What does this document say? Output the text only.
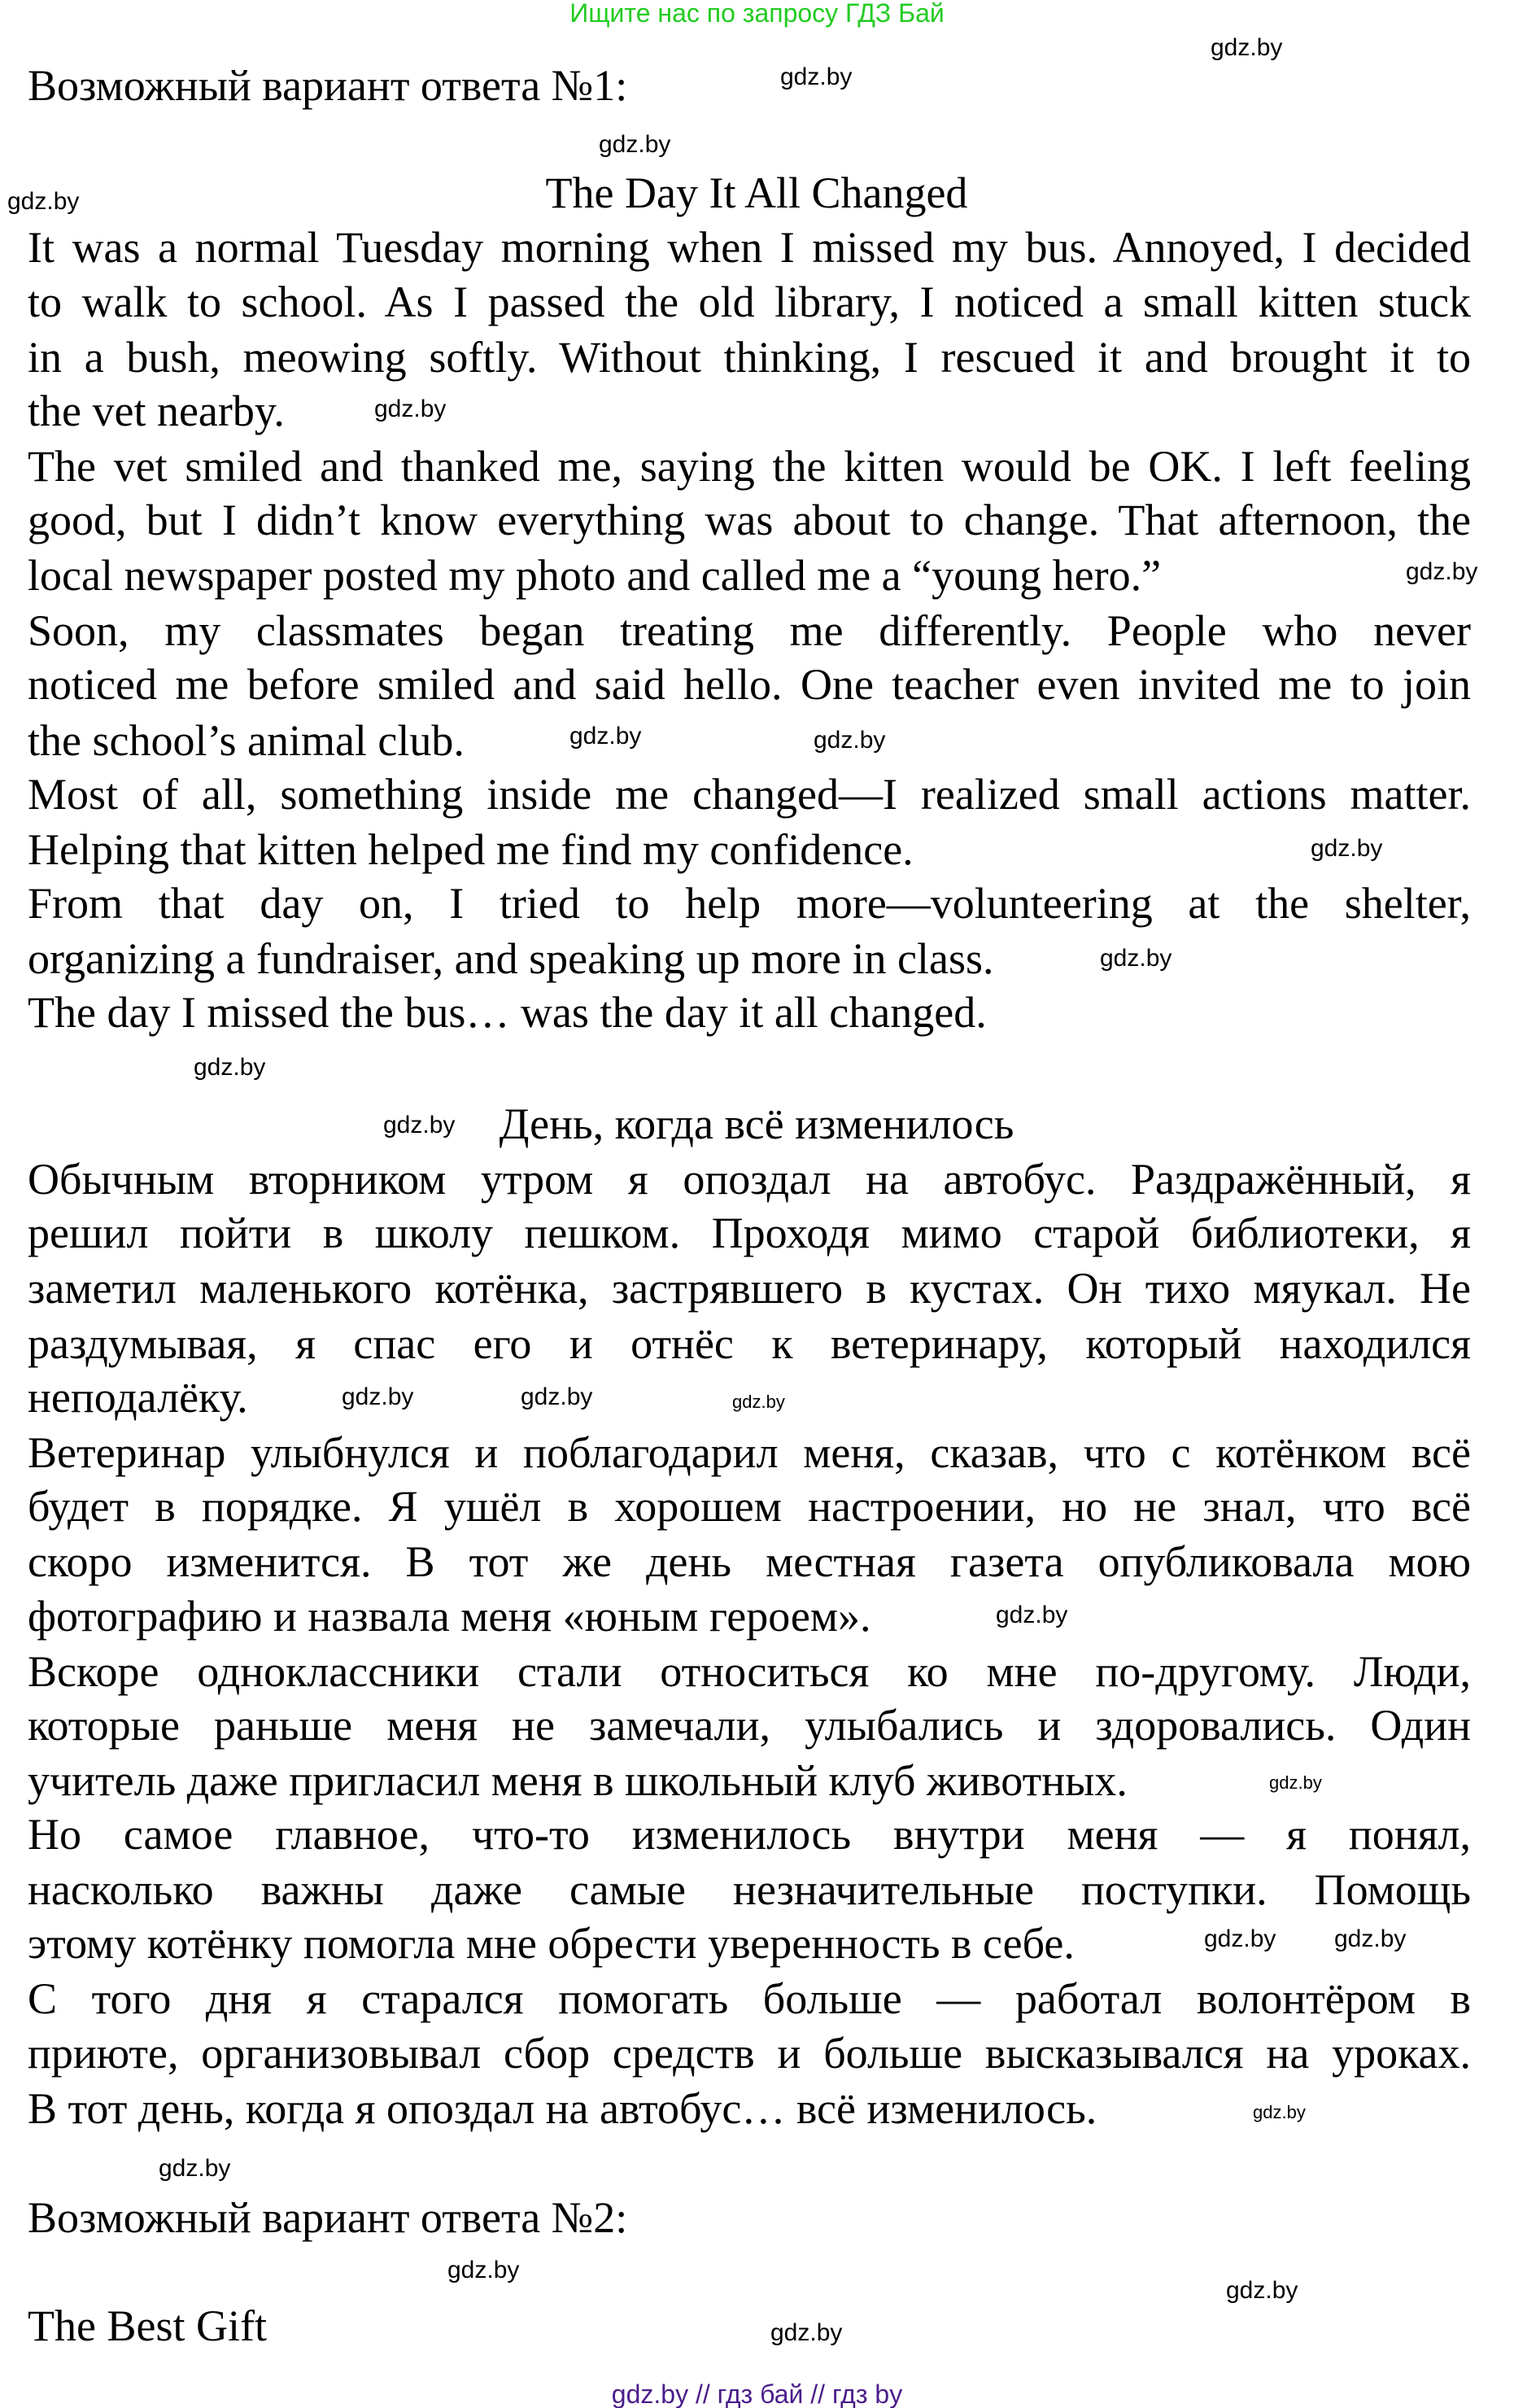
Ищите нас по запросу ГДЗ Бай
Возможный вариант ответа №1:
The Day It All Changed
It was a normal Tuesday morning when I missed my bus. Annoyed, I decided
to walk to school. As I passed the old library, I noticed a small kitten stuck
in a bush, meowing softly. Without thinking, I rescued it and brought it to
the vet nearby.
The vet smiled and thanked me, saying the kitten would be OK. I left feeling
good, but I didn’t know everything was about to change. That afternoon, the
local newspaper posted my photo and called me a “young hero.”
Soon, my classmates began treating me differently. People who never
noticed me before smiled and said hello. One teacher even invited me to join
the school’s animal club.
Most of all, something inside me changed—I realized small actions matter.
Helping that kitten helped me find my confidence.
From that day on, I tried to help more—volunteering at the shelter,
organizing a fundraiser, and speaking up more in class.
The day I missed the bus… was the day it all changed.
День, когда всё изменилось
Обычным вторником утром я опоздал на автобус. Раздражённый, я
решил пойти в школу пешком. Проходя мимо старой библиотеки, я
заметил маленького котёнка, застрявшего в кустах. Он тихо мяукал. Не
раздумывая, я спас его и отнёс к ветеринару, который находился
неподалёку.
Ветеринар улыбнулся и поблагодарил меня, сказав, что с котёнком всё
будет в порядке. Я ушёл в хорошем настроении, но не знал, что всё
скоро изменится. В тот же день местная газета опубликовала мою
фотографию и назвала меня «юным героем».
Вскоре одноклассники стали относиться ко мне по-другому. Люди,
которые раньше меня не замечали, улыбались и здоровались. Один
учитель даже пригласил меня в школьный клуб животных.
Но самое главное, что-то изменилось внутри меня — я понял,
насколько важны даже самые незначительные поступки. Помощь
этому котёнку помогла мне обрести уверенность в себе.
С того дня я старался помогать больше — работал волонтёром в
приюте, организовывал сбор средств и больше высказывался на уроках.
В тот день, когда я опоздал на автобус… всё изменилось.
Возможный вариант ответа №2:
The Best Gift
gdz.by
gdz.by
gdz.by
gdz.by
gdz.by
gdz.by
gdz.by	gdz.by
gdz.by
gdz.by
gdz.by
gdz.by
gdz.by
gdz.by	gdz.by
gdz.by
gdz.by
gdz.by gdz.by
gdz.by
gdz.by
gdz.by
gdz.by
gdz.by
gdz.by // гдз бай // гдз by
